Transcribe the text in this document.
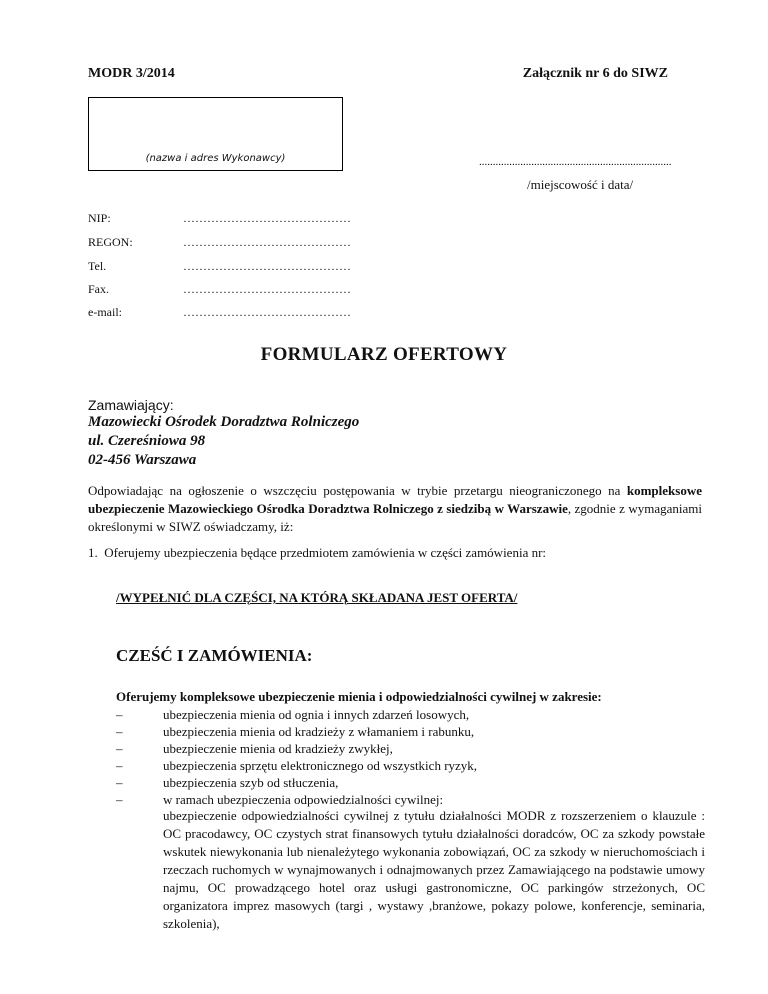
MODR 3/2014	Załącznik nr 6 do SIWZ
(nazwa i adres Wykonawcy)	......................................................................
/miejscowość i data/
NIP:	……………………………………
REGON:	……………………………………
Tel.	……………………………………
Fax.	……………………………………
e-mail:	……………………………………
FORMULARZ OFERTOWY
Zamawiający:
Mazowiecki Ośrodek Doradztwa Rolniczego
ul. Czereśniowa 98
02-456 Warszawa
Odpowiadając na ogłoszenie o wszczęciu postępowania w trybie przetargu nieograniczonego na kompleksowe ubezpieczenie Mazowieckiego Ośrodka Doradztwa Rolniczego z siedzibą w Warszawie, zgodnie z wymaganiami określonymi w SIWZ oświadczamy, iż:
1.  Oferujemy ubezpieczenia będące przedmiotem zamówienia w części zamówienia nr:
/WYPEŁNIĆ DLA CZĘŚCI, NA KTÓRĄ SKŁADANA JEST OFERTA/
CZEŚĆ I ZAMÓWIENIA:
Oferujemy kompleksowe ubezpieczenie mienia i odpowiedzialności cywilnej w zakresie:
–	ubezpieczenia mienia od ognia i innych zdarzeń losowych,
–	ubezpieczenia mienia od kradzieży z włamaniem i rabunku,
–	ubezpieczenie mienia od kradzieży zwykłej,
–	ubezpieczenia sprzętu elektronicznego od wszystkich ryzyk,
–	ubezpieczenia szyb od stłuczenia,
–	w ramach ubezpieczenia odpowiedzialności cywilnej:
ubezpieczenie odpowiedzialności cywilnej z tytułu działalności MODR z rozszerzeniem o klauzule : OC pracodawcy, OC czystych strat finansowych tytułu działalności doradców, OC za szkody powstałe wskutek niewykonania lub nienależytego wykonania zobowiązań, OC za szkody w nieruchomościach i rzeczach ruchomych w wynajmowanych i odnajmowanych przez Zamawiającego na podstawie umowy najmu, OC prowadzącego hotel oraz usługi gastronomiczne, OC parkingów strzeżonych, OC organizatora imprez masowych (targi , wystawy ,branżowe, pokazy polowe, konferencje, seminaria, szkolenia),
